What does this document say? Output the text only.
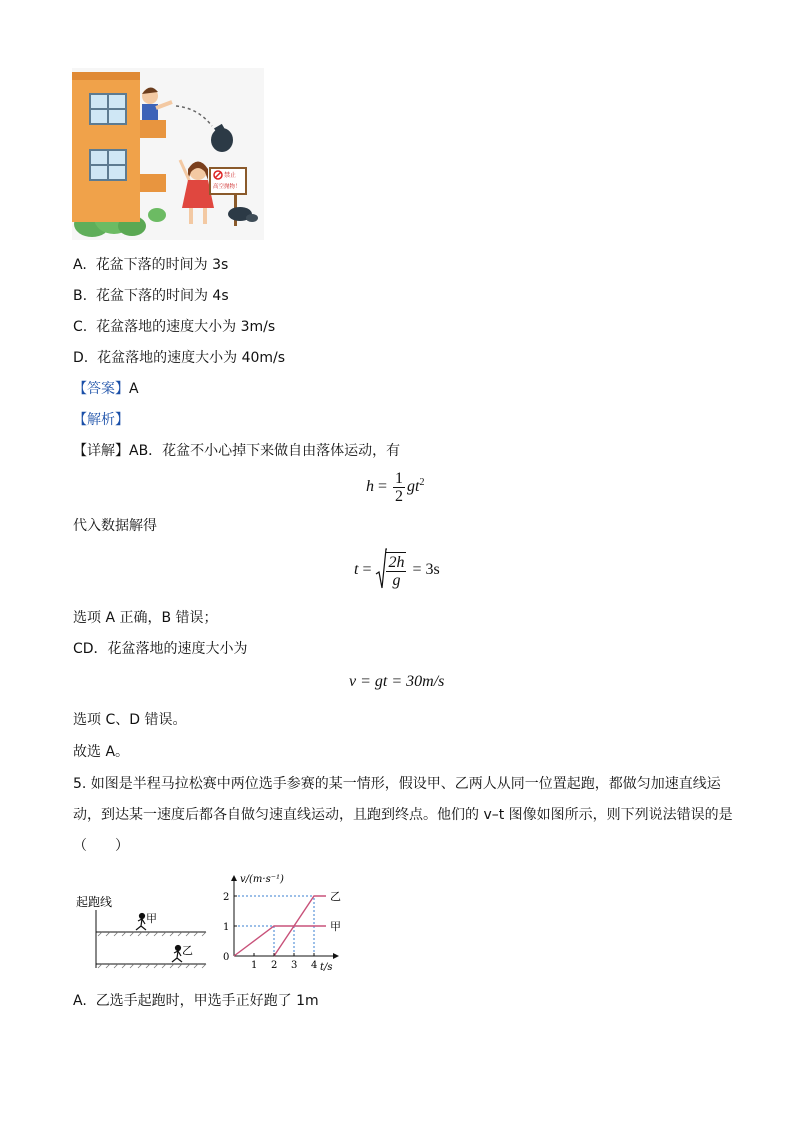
禁止
高空抛物！
A. 花盆下落的时间为 3s
B. 花盆下落的时间为 4s
C. 花盆落地的速度大小为 3m/s
D. 花盆落地的速度大小为 40m/s
【答案】A
【解析】
【详解】AB．花盆不小心掉下来做自由落体运动，有
$h = \frac{1}{2} gt^2$
代入数据解得
$t = \frac{2h}{g} = 3s$
选项 A 正确，B 错误；
CD．花盆落地的速度大小为
v = gt = 30m/s
选项 C、D 错误。
故选 A。
5. 如图是半程马拉松赛中两位选手参赛的某一情形，假设甲、乙两人从同一位置起跑，都做匀加速直线运
动，到达某一速度后都各自做匀速直线运动，且跑到终点。他们的 v–t 图像如图所示，则下列说法错误的是
（　　）
起跑线
甲
乙
甲
乙
1 2 3 4
1
2
v/(m·s⁻¹)
t/s
0
A. 乙选手起跑时，甲选手正好跑了 1m
